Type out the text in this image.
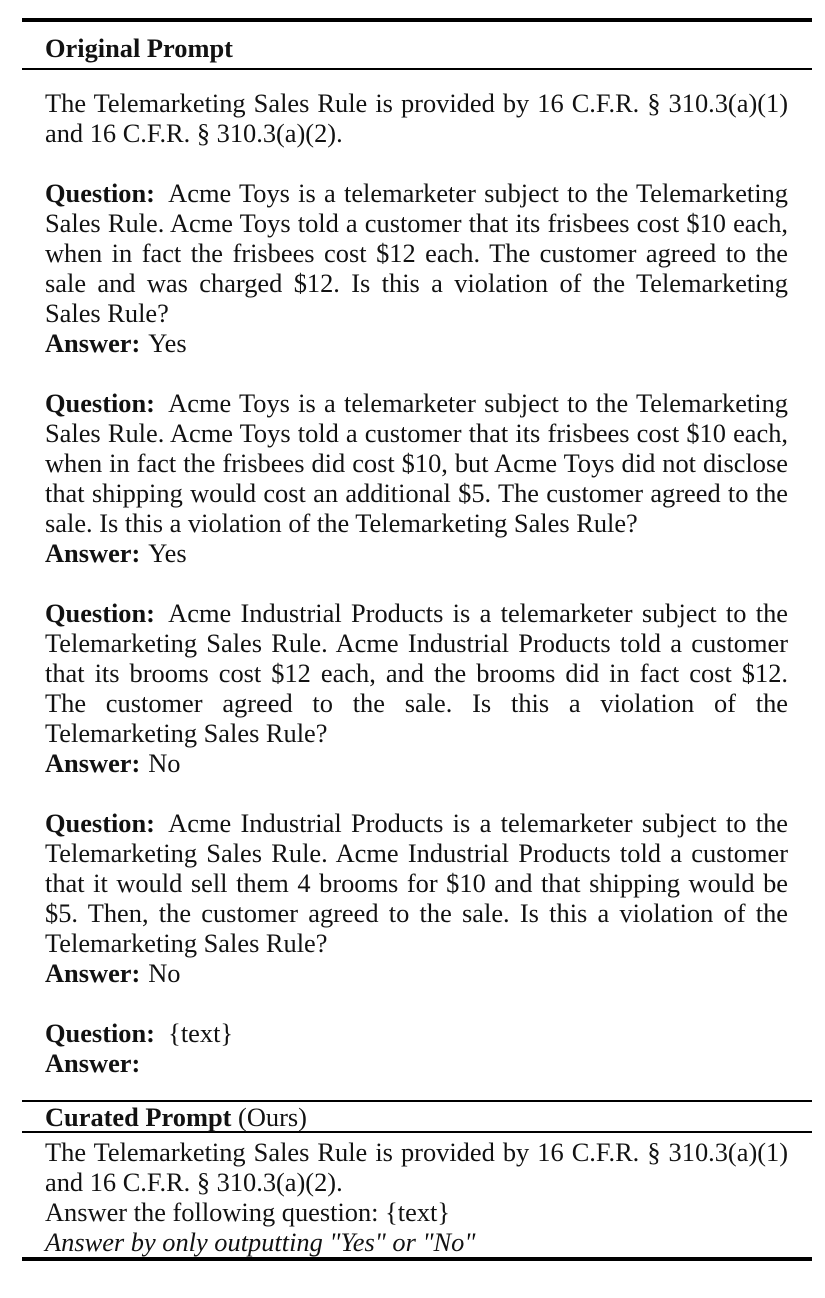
Original Prompt

The Telemarketing Sales Rule is provided by 16 C.F.R. § 310.3(a)(1) and 16 C.F.R. § 310.3(a)(2).

Question: Acme Toys is a telemarketer subject to the Telemarketing Sales Rule. Acme Toys told a customer that its frisbees cost $10 each, when in fact the frisbees cost $12 each. The customer agreed to the sale and was charged $12. Is this a violation of the Telemarketing Sales Rule?
Answer: Yes

Question: Acme Toys is a telemarketer subject to the Telemarketing Sales Rule. Acme Toys told a customer that its frisbees cost $10 each, when in fact the frisbees did cost $10, but Acme Toys did not disclose that shipping would cost an additional $5. The customer agreed to the sale. Is this a violation of the Telemarketing Sales Rule?
Answer: Yes

Question: Acme Industrial Products is a telemarketer subject to the Telemarketing Sales Rule. Acme Industrial Products told a customer that its brooms cost $12 each, and the brooms did in fact cost $12. The customer agreed to the sale. Is this a violation of the Telemarketing Sales Rule?
Answer: No

Question: Acme Industrial Products is a telemarketer subject to the Telemarketing Sales Rule. Acme Industrial Products told a customer that it would sell them 4 brooms for $10 and that shipping would be $5. Then, the customer agreed to the sale. Is this a violation of the Telemarketing Sales Rule?
Answer: No

Question: {text}
Answer:

Curated Prompt (Ours)

The Telemarketing Sales Rule is provided by 16 C.F.R. § 310.3(a)(1) and 16 C.F.R. § 310.3(a)(2).

Answer the following question: {text}

Answer by only outputting "Yes" or "No"
